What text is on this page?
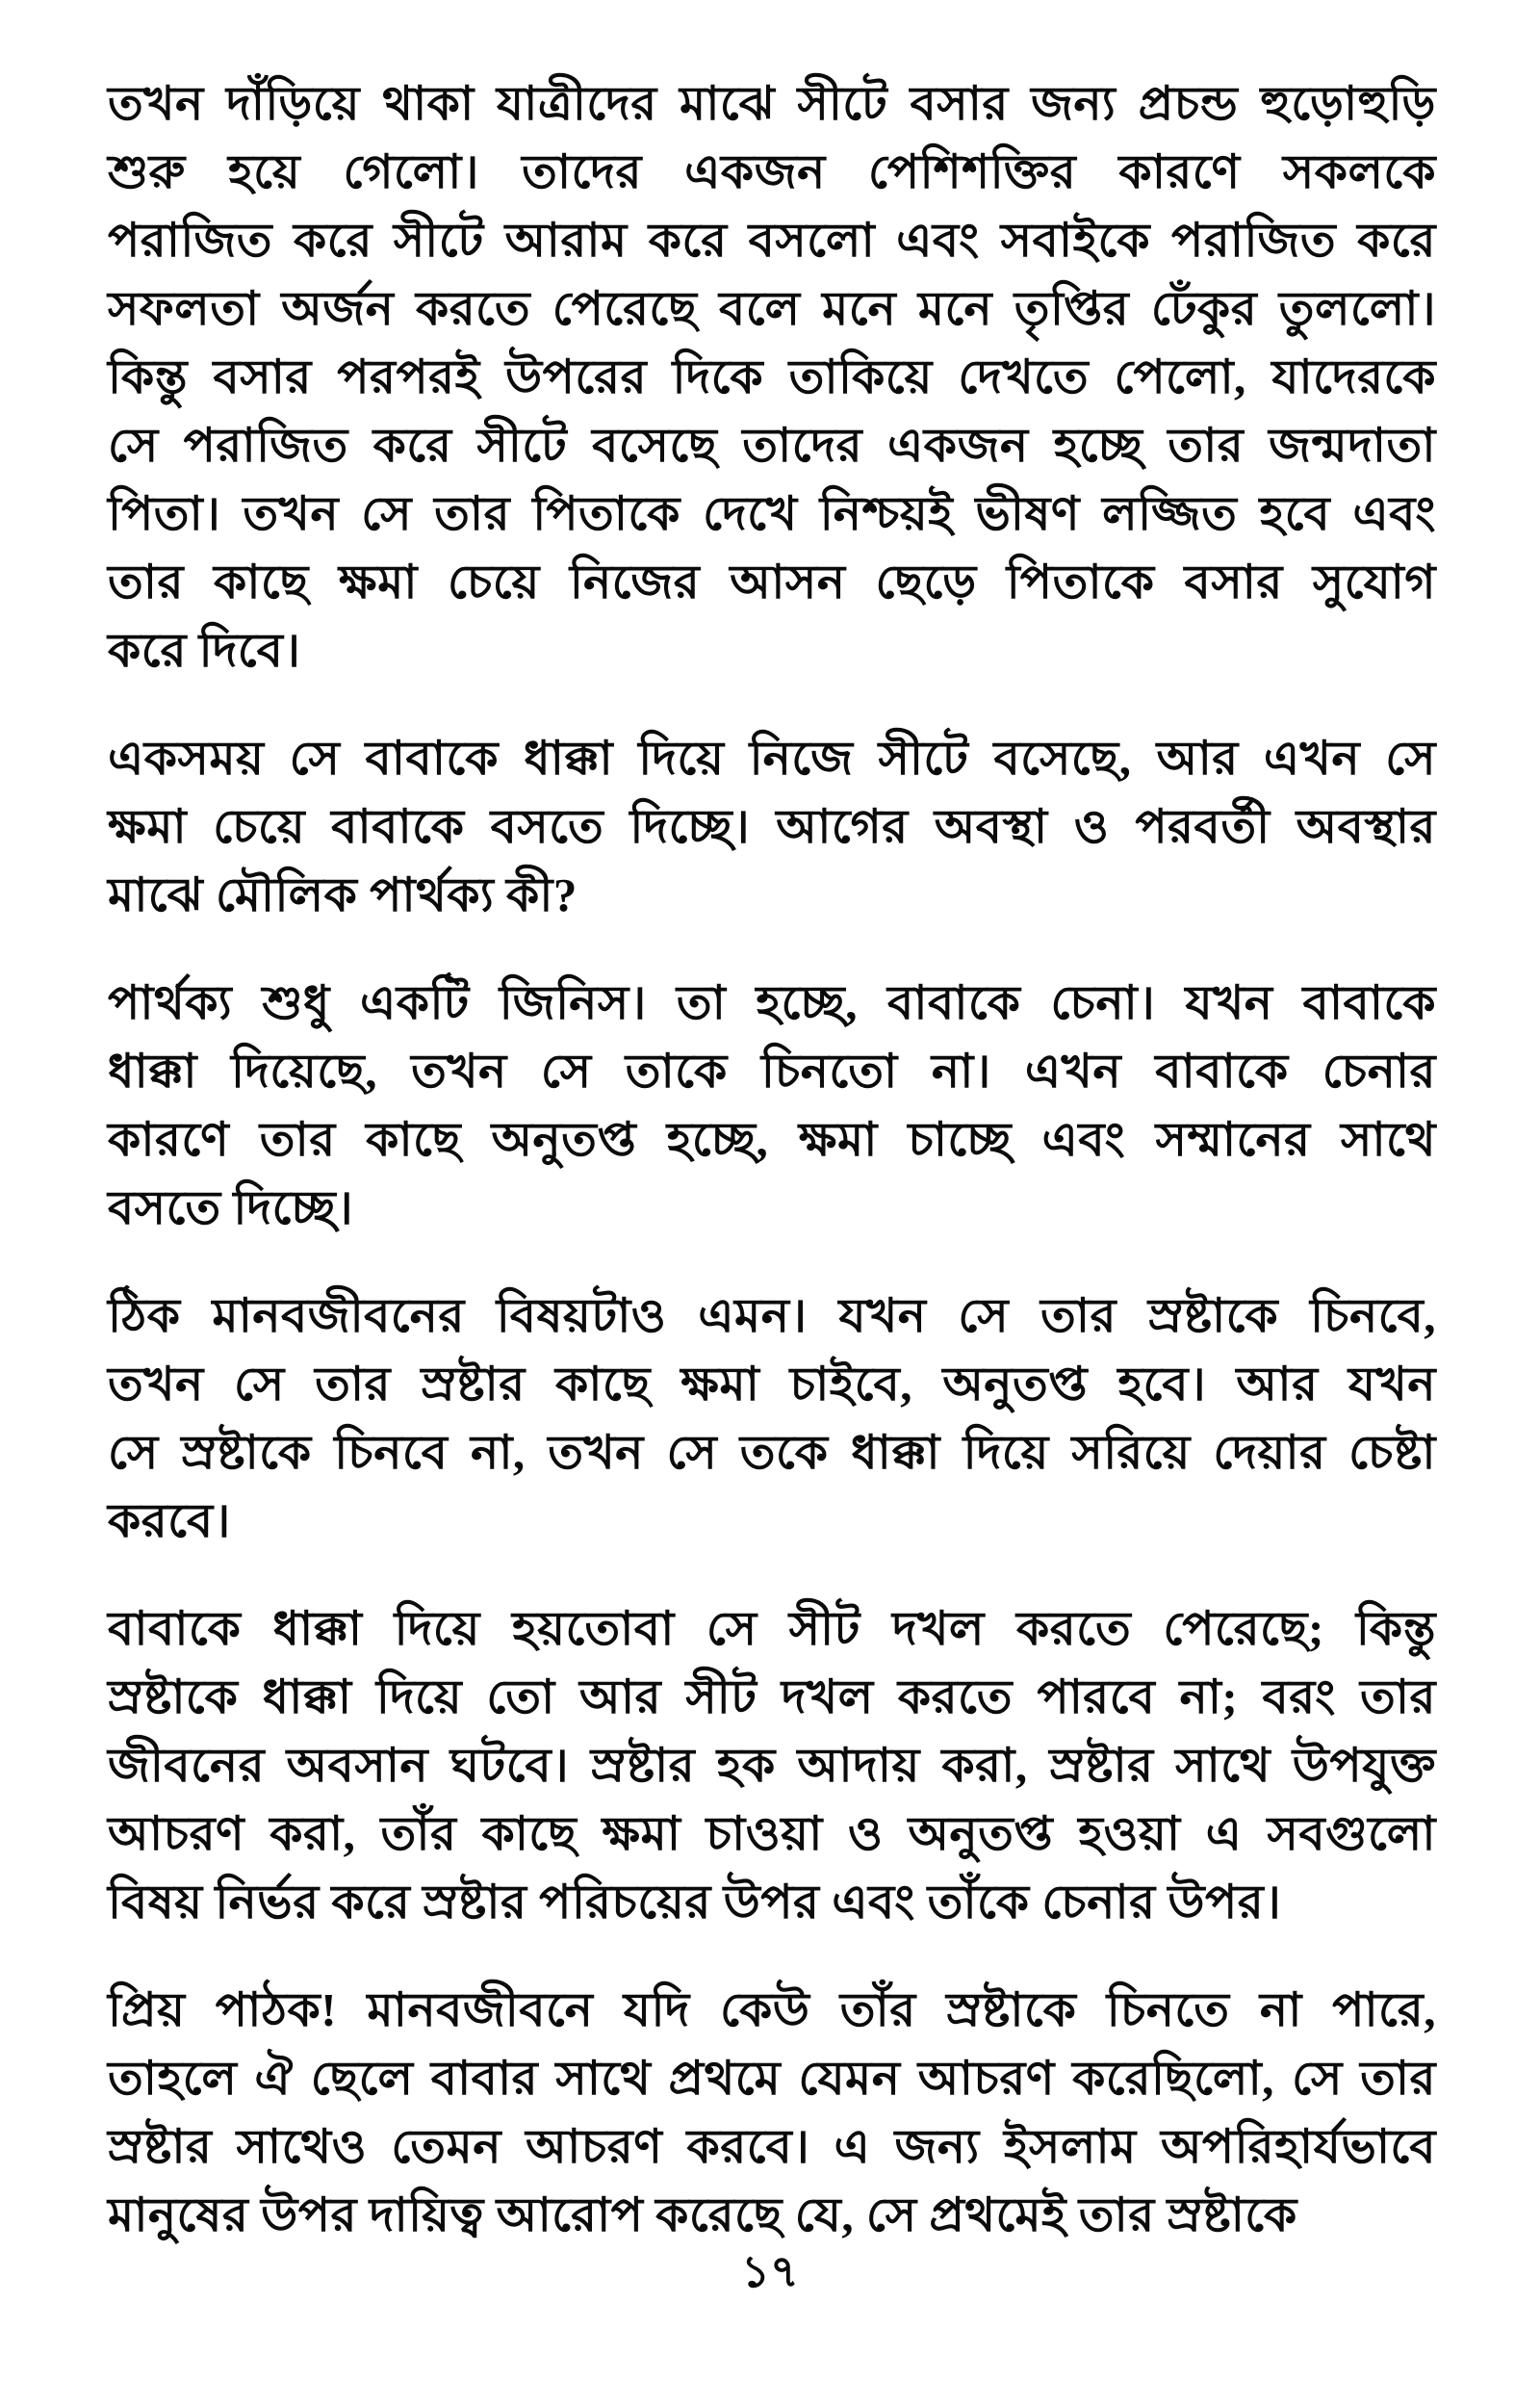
তখন দাঁড়িয়ে থাকা যাত্রীদের মাঝে সীটে বসার জন্য প্রচন্ড হুড়োহুড়ি
শুরু হয়ে গেলো। তাদের একজন পেশিশক্তির কারণে সকলকে
পরাজিত করে সীটে আরাম করে বসলো এবং সবাইকে পরাজিত করে
সফলতা অর্জন করতে পেরেছে বলে মনে মনে তৃপ্তির ঢেঁকুর তুললো।
কিন্তু বসার পরপরই উপরের দিকে তাকিয়ে দেখতে পেলো, যাদেরকে
সে পরাজিত করে সীটে বসেছে তাদের একজন হচ্ছে তার জন্মদাতা
পিতা। তখন সে তার পিতাকে দেখে নিশ্চয়ই ভীষণ লজ্জিত হবে এবং
তার কাছে ক্ষমা চেয়ে নিজের আসন ছেড়ে পিতাকে বসার সুযোগ
করে দিবে।
একসময় সে বাবাকে ধাক্কা দিয়ে নিজে সীটে বসেছে, আর এখন সে
ক্ষমা চেয়ে বাবাকে বসতে দিচ্ছে। আগের অবস্থা ও পরবর্তী অবস্থার
মাঝে মৌলিক পার্থক্য কী?
পার্থক্য শুধু একটি জিনিস। তা হচ্ছে, বাবাকে চেনা। যখন বাবাকে
ধাক্কা দিয়েছে, তখন সে তাকে চিনতো না। এখন বাবাকে চেনার
কারণে তার কাছে অনুতপ্ত হচ্ছে, ক্ষমা চাচ্ছে এবং সম্মানের সাথে
বসতে দিচ্ছে।
ঠিক মানবজীবনের বিষয়টাও এমন। যখন সে তার স্রষ্টাকে চিনবে,
তখন সে তার স্রষ্টার কাছে ক্ষমা চাইবে, অনুতপ্ত হবে। আর যখন
সে স্রষ্টাকে চিনবে না, তখন সে তকে ধাক্কা দিয়ে সরিয়ে দেয়ার চেষ্টা
করবে।
বাবাকে ধাক্কা দিয়ে হয়তোবা সে সীট দখল করতে পেরেছে; কিন্তু
স্রষ্টাকে ধাক্কা দিয়ে তো আর সীট দখল করতে পারবে না; বরং তার
জীবনের অবসান ঘটবে। স্রষ্টার হক আদায় করা, স্রষ্টার সাথে উপযুক্ত
আচরণ করা, তাঁর কাছে ক্ষমা চাওয়া ও অনুতপ্ত হওয়া এ সবগুলো
বিষয় নির্ভর করে স্রষ্টার পরিচয়ের উপর এবং তাঁকে চেনার উপর।
প্রিয় পাঠক! মানবজীবনে যদি কেউ তাঁর স্রষ্টাকে চিনতে না পারে,
তাহলে ঐ ছেলে বাবার সাথে প্রথমে যেমন আচরণ করেছিলো, সে তার
স্রষ্টার সাথেও তেমন আচরণ করবে। এ জন্য ইসলাম অপরিহার্যভাবে
মানুষের উপর দায়িত্ব আরোপ করেছে যে, সে প্রথমেই তার স্রষ্টাকে
১৭
